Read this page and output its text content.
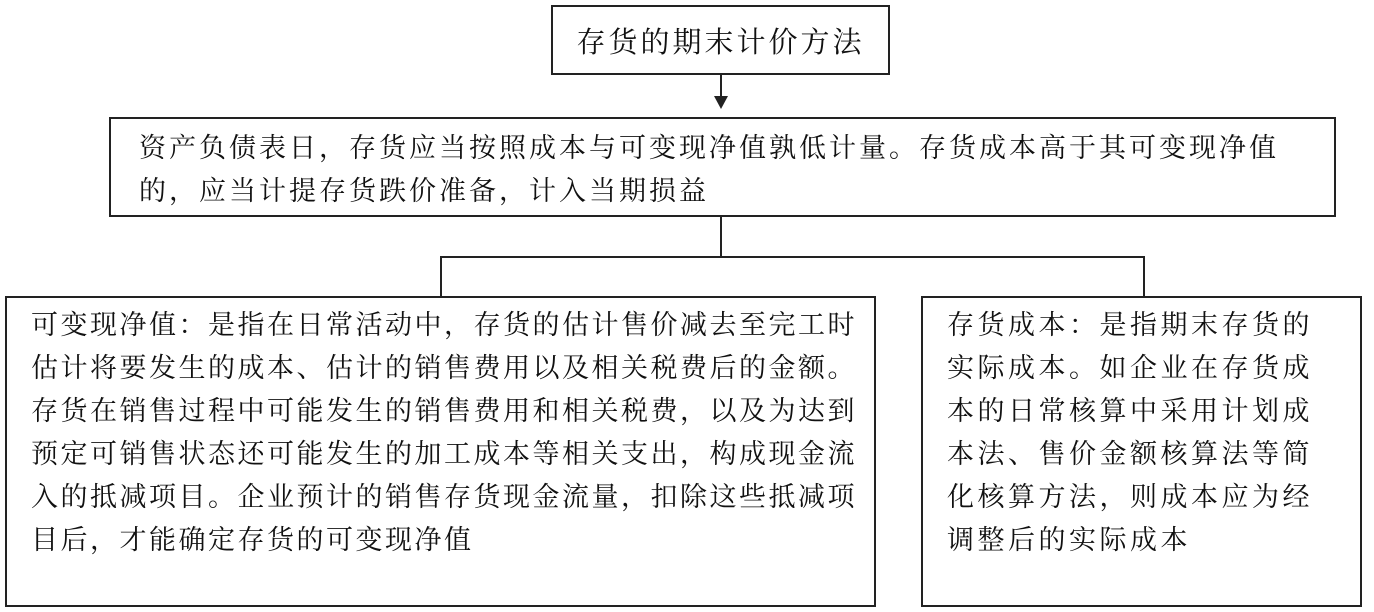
存货的期末计价方法
资产负债表日，存货应当按照成本与可变现净值孰低计量。存货成本高于其可变现净值的，应当计提存货跌价准备，计入当期损益
可变现净值：是指在日常活动中，存货的估计售价减去至完工时估计将要发生的成本、估计的销售费用以及相关税费后的金额。存货在销售过程中可能发生的销售费用和相关税费，以及为达到预定可销售状态还可能发生的加工成本等相关支出，构成现金流入的抵减项目。企业预计的销售存货现金流量，扣除这些抵减项目后，才能确定存货的可变现净值
存货成本：是指期末存货的实际成本。如企业在存货成本的日常核算中采用计划成本法、售价金额核算法等简化核算方法，则成本应为经调整后的实际成本
